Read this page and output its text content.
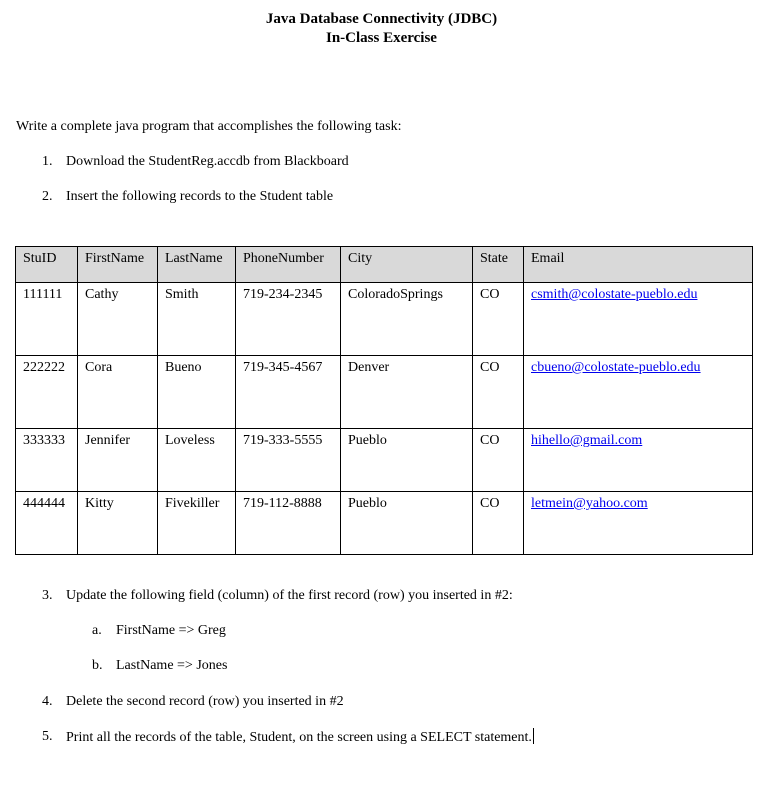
Java Database Connectivity (JDBC)
In-Class Exercise
Write a complete java program that accomplishes the following task:
1. Download the StudentReg.accdb from Blackboard
2. Insert the following records to the Student table
StuID	FirstName	LastName	PhoneNumber	City	State	Email
111111	Cathy	Smith	719-234-2345	ColoradoSprings	CO	csmith@colostate-pueblo.edu
222222	Cora	Bueno	719-345-4567	Denver	CO	cbueno@colostate-pueblo.edu
333333	Jennifer	Loveless	719-333-5555	Pueblo	CO	hihello@gmail.com
444444	Kitty	Fivekiller	719-112-8888	Pueblo	CO	letmein@yahoo.com
3. Update the following field (column) of the first record (row) you inserted in #2:
a. FirstName => Greg
b. LastName => Jones
4. Delete the second record (row) you inserted in #2
5. Print all the records of the table, Student, on the screen using a SELECT statement.
